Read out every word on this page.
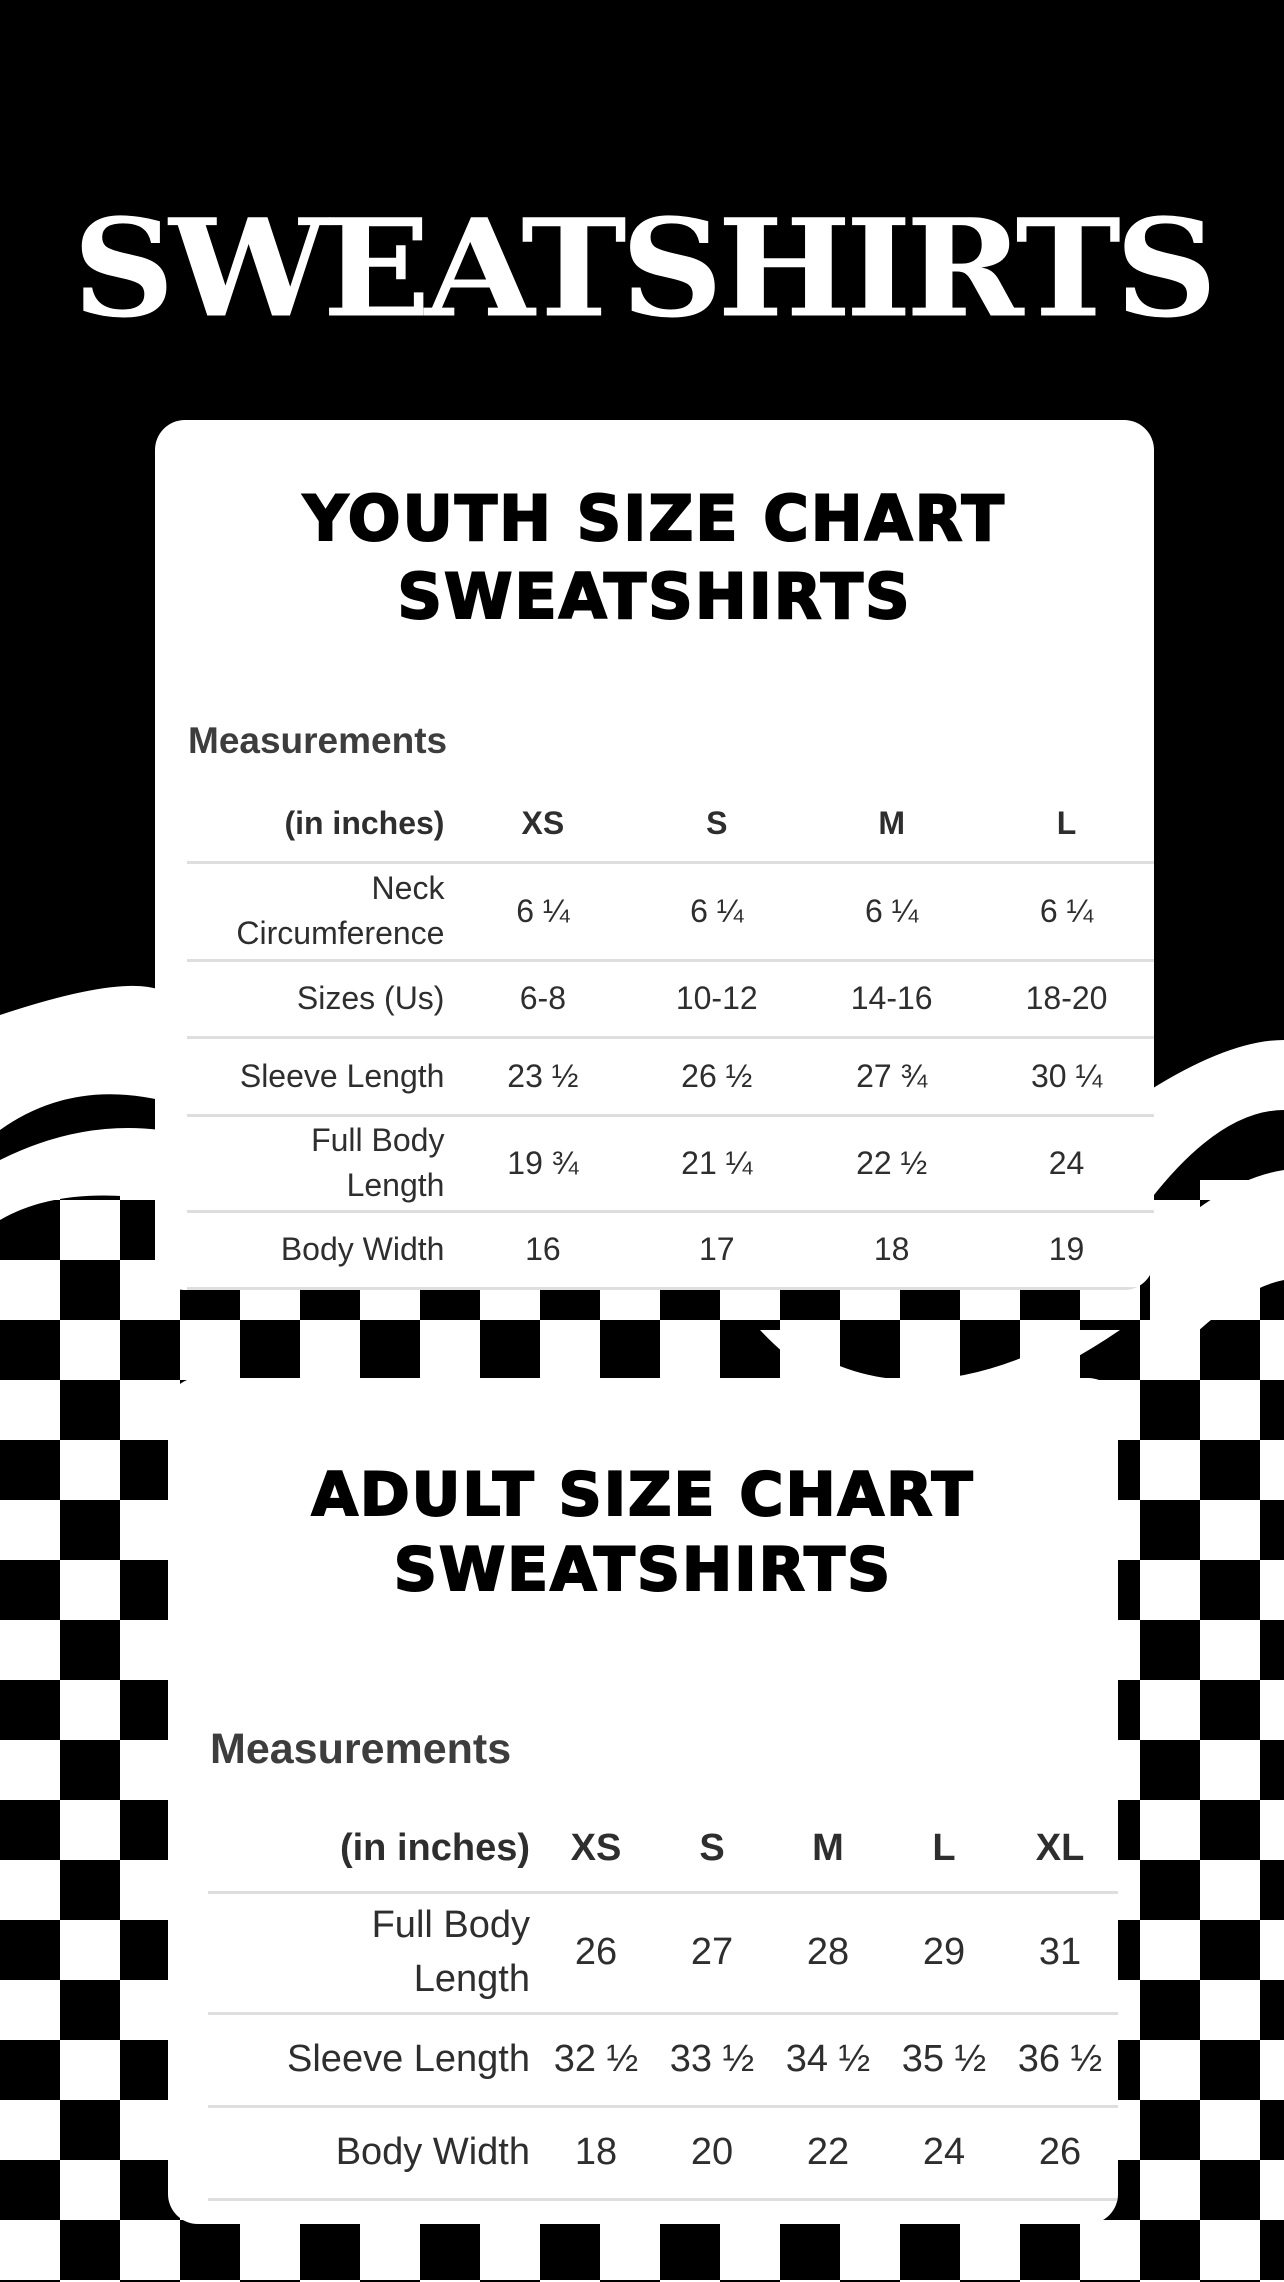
SWEATSHIRTS
YOUTH SIZE CHART
SWEATSHIRTS
Measurements
(in inches)	XS	S	M	L
Neck
Circumference	6 ¼	6 ¼	6 ¼	6 ¼
Sizes (Us)	6-8	10-12	14-16	18-20
Sleeve Length	23 ½	26 ½	27 ¾	30 ¼
Full Body
Length	19 ¾	21 ¼	22 ½	24
Body Width	16	17	18	19
ADULT SIZE CHART
SWEATSHIRTS
Measurements
(in inches)	XS	S	M	L	XL
Full Body
Length	26	27	28	29	31
Sleeve Length	32 ½	33 ½	34 ½	35 ½	36 ½
Body Width	18	20	22	24	26
